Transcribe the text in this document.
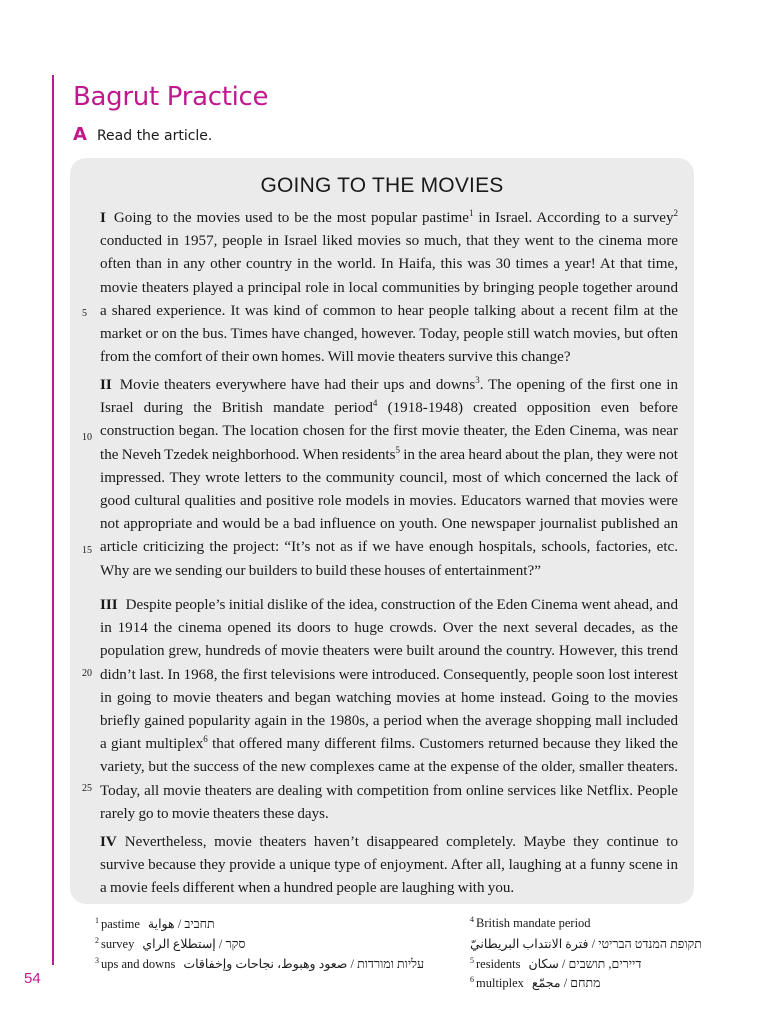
Bagrut Practice
A Read the article.
GOING TO THE MOVIES

I Going to the movies used to be the most popular pastime$^1$ in Israel. According to a survey$^2$ conducted in 1957, people in Israel liked movies so much, that they went to the cinema more often than in any other country in the world. In Haifa, this was 30 times a year! At that time, movie theaters played a principal role in local communities by bringing people together around a shared experience. It was kind of common to hear people talking about a recent film at the market or on the bus. Times have changed, however. Today, people still watch movies, but often from the comfort of their own homes. Will movie theaters survive this change?

II Movie theaters everywhere have had their ups and downs$^3$. The opening of the first one in Israel during the British mandate period$^4$ (1918-1948) created opposition even before construction began. The location chosen for the first movie theater, the Eden Cinema, was near the Neveh Tzedek neighborhood. When residents$^5$ in the area heard about the plan, they were not impressed. They wrote letters to the community council, most of which concerned the lack of good cultural qualities and positive role models in movies. Educators warned that movies were not appropriate and would be a bad influence on youth. One newspaper journalist published an article criticizing the project: “It’s not as if we have enough hospitals, schools, factories, etc. Why are we sending our builders to build these houses of entertainment?”

III Despite people’s initial dislike of the idea, construction of the Eden Cinema went ahead, and in 1914 the cinema opened its doors to huge crowds. Over the next several decades, as the population grew, hundreds of movie theaters were built around the country. However, this trend didn’t last. In 1968, the first televisions were introduced. Consequently, people soon lost interest in going to movie theaters and began watching movies at home instead. Going to the movies briefly gained popularity again in the 1980s, a period when the average shopping mall included a giant multiplex$^6$ that offered many different films. Customers returned because they liked the variety, but the success of the new complexes came at the expense of the older, smaller theaters. Today, all movie theaters are dealing with competition from online services like Netflix. People rarely go to movie theaters these days.

IV Nevertheless, movie theaters haven’t disappeared completely. Maybe they continue to survive because they provide a unique type of enjoyment. After all, laughing at a funny scene in a movie feels different when a hundred people are laughing with you.

5
10
15
20
25
$^1$ pastime תחביב / هواية
$^2$ survey סקר / إستطلاع الراي
$^3$ ups and downs עליות ומורדות / صعود وهبوط، نجاحات وإخفاقات
$^4$ British mandate period
תקופת המנדט הבריטי / فترة الانتداب البريطانيّ
$^5$ residents דיירים, תושבים / سكان
$^6$ multiplex מתחם / مجمّع
54
